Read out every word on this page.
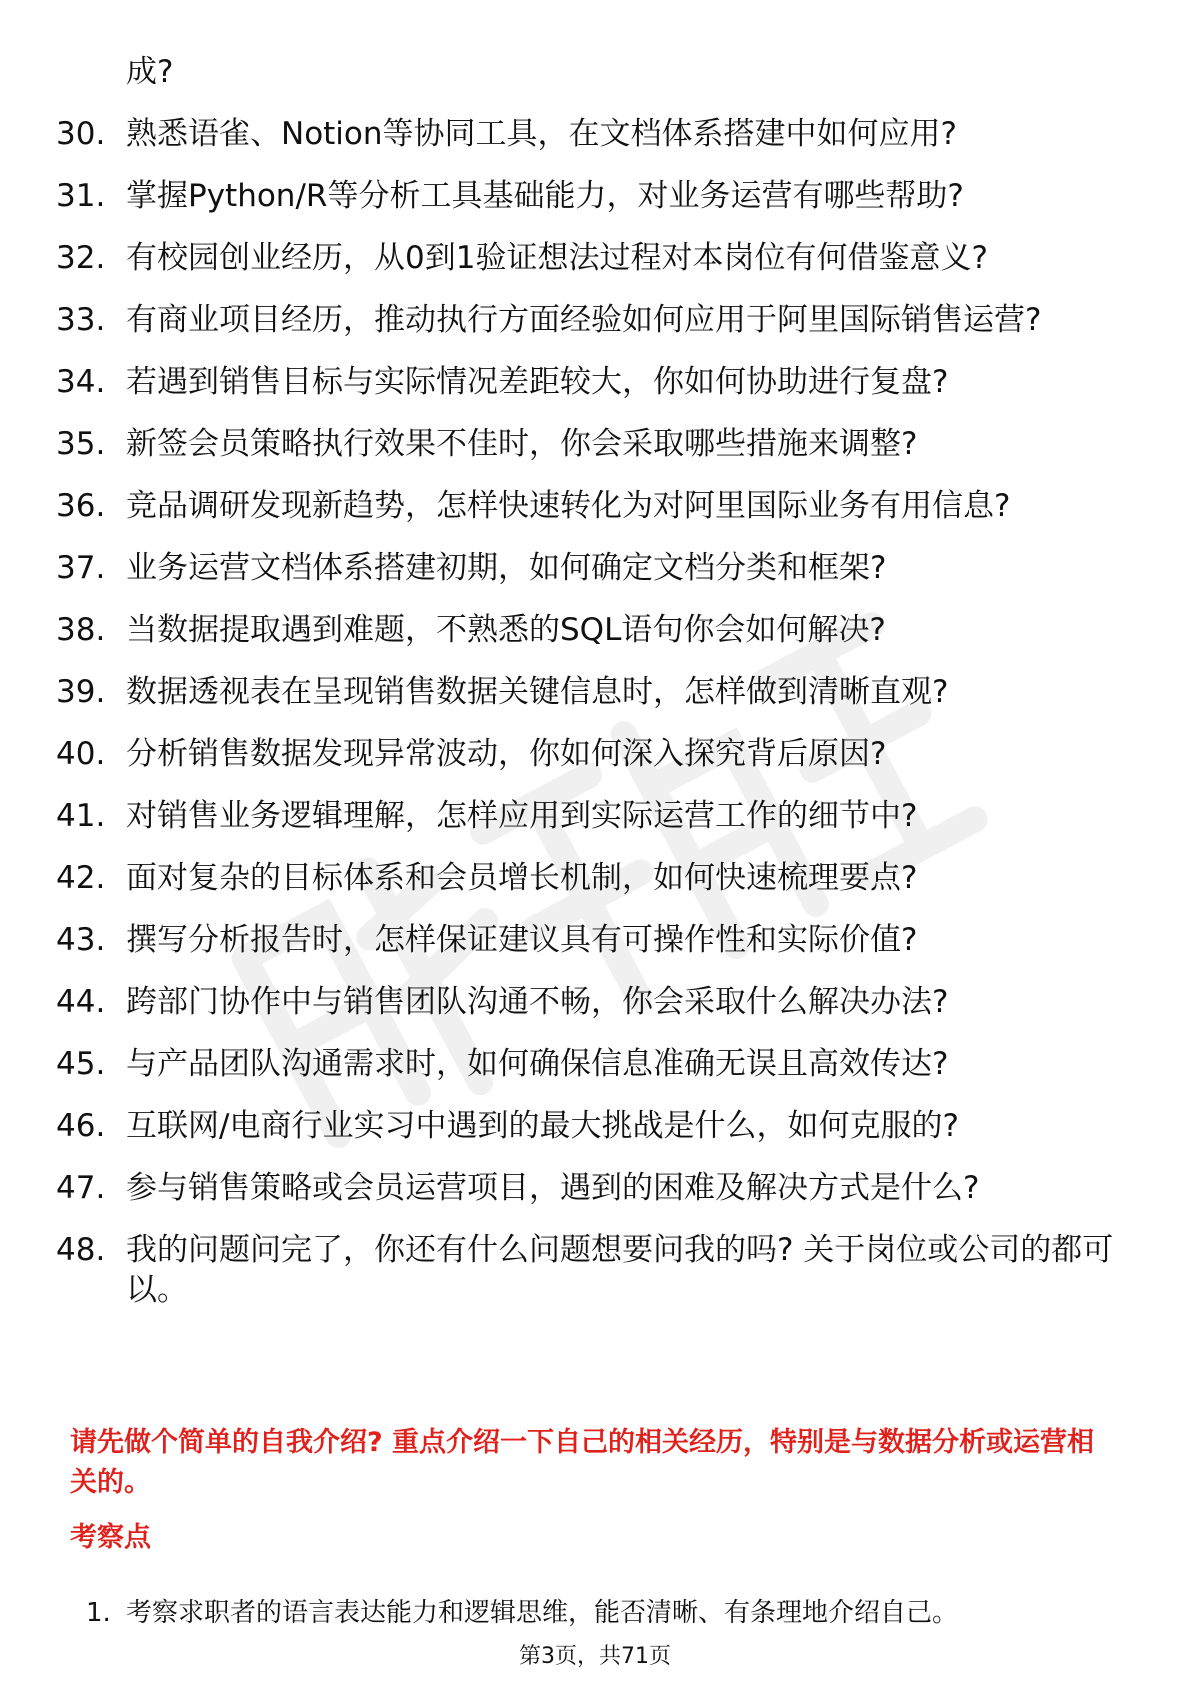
成?
30. 熟悉语雀、Notion等协同工具，在文档体系搭建中如何应用?
31. 掌握Python/R等分析工具基础能力，对业务运营有哪些帮助?
32. 有校园创业经历，从0到1验证想法过程对本岗位有何借鉴意义?
33. 有商业项目经历，推动执行方面经验如何应用于阿里国际销售运营?
34. 若遇到销售目标与实际情况差距较大，你如何协助进行复盘?
35. 新签会员策略执行效果不佳时，你会采取哪些措施来调整?
36. 竞品调研发现新趋势，怎样快速转化为对阿里国际业务有用信息?
37. 业务运营文档体系搭建初期，如何确定文档分类和框架?
38. 当数据提取遇到难题，不熟悉的SQL语句你会如何解决?
39. 数据透视表在呈现销售数据关键信息时，怎样做到清晰直观?
40. 分析销售数据发现异常波动，你如何深入探究背后原因?
41. 对销售业务逻辑理解，怎样应用到实际运营工作的细节中?
42. 面对复杂的目标体系和会员增长机制，如何快速梳理要点?
43. 撰写分析报告时，怎样保证建议具有可操作性和实际价值?
44. 跨部门协作中与销售团队沟通不畅，你会采取什么解决办法?
45. 与产品团队沟通需求时，如何确保信息准确无误且高效传达?
46. 互联网/电商行业实习中遇到的最大挑战是什么，如何克服的?
47. 参与销售策略或会员运营项目，遇到的困难及解决方式是什么?
48. 我的问题问完了，你还有什么问题想要问我的吗? 关于岗位或公司的都可以。
请先做个简单的自我介绍? 重点介绍一下自己的相关经历，特别是与数据分析或运营相关的。
考察点
1. 考察求职者的语言表达能力和逻辑思维，能否清晰、有条理地介绍自己。
第3页，共71页
